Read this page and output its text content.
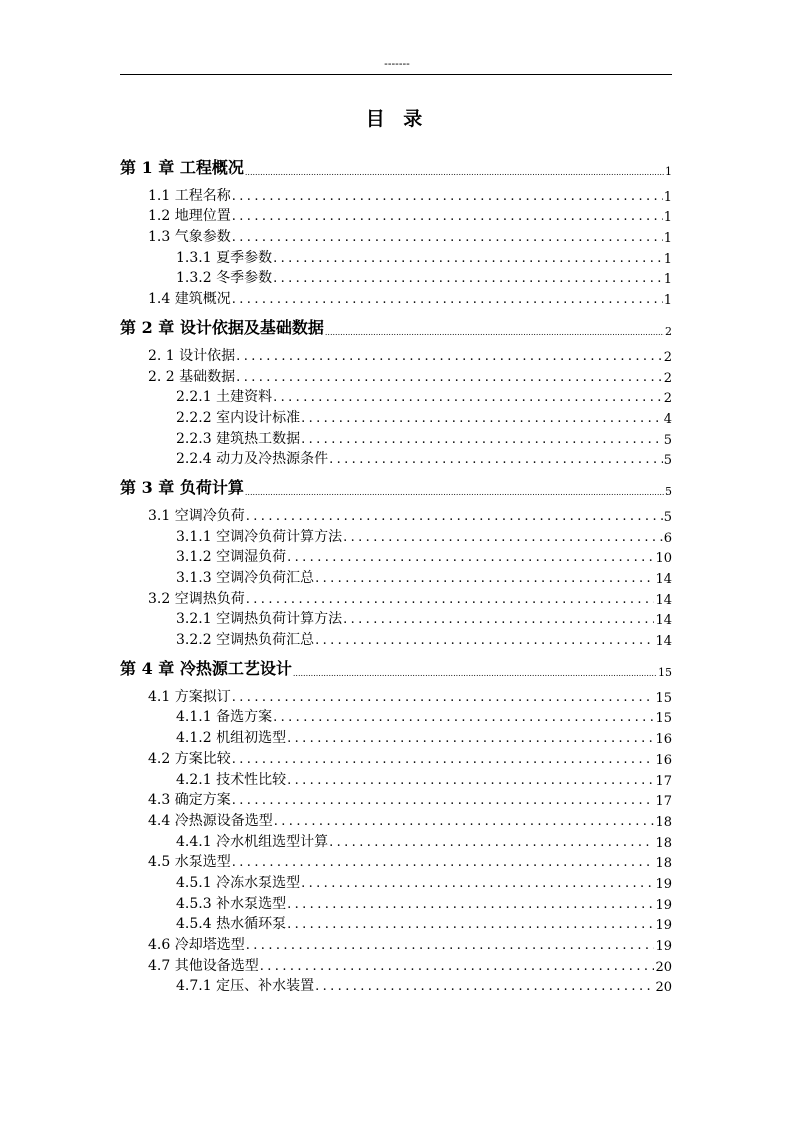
-------
目 录
第 1 章 工程概况 .....	1
1.1 工程名称 .....	1
1.2 地理位置 .....	1
1.3 气象参数 .....	1
1.3.1 夏季参数 .....	1
1.3.2 冬季参数 .....	1
1.4 建筑概况 .....	1
第 2 章 设计依据及基础数据 .....	2
2. 1 设计依据 .....	2
2. 2 基础数据 .....	2
2.2.1 土建资料 .....	2
2.2.2 室内设计标准 .....	4
2.2.3 建筑热工数据 .....	5
2.2.4 动力及冷热源条件 .....	5
第 3 章 负荷计算 .....	5
3.1 空调冷负荷 .....	5
3.1.1 空调冷负荷计算方法 .....	6
3.1.2 空调湿负荷 .....	10
3.1.3 空调冷负荷汇总 .....	14
3.2 空调热负荷 .....	14
3.2.1 空调热负荷计算方法 .....	14
3.2.2 空调热负荷汇总 .....	14
第 4 章 冷热源工艺设计 .....	15
4.1 方案拟订 .....	15
4.1.1 备选方案 .....	15
4.1.2 机组初选型 .....	16
4.2 方案比较 .....	16
4.2.1 技术性比较 .....	17
4.3 确定方案 .....	17
4.4 冷热源设备选型 .....	18
4.4.1 冷水机组选型计算 .....	18
4.5 水泵选型 .....	18
4.5.1 冷冻水泵选型 .....	19
4.5.3 补水泵选型 .....	19
4.5.4 热水循环泵 .....	19
4.6 冷却塔选型 .....	19
4.7 其他设备选型 .....	20
4.7.1 定压、补水装置 .....	20
